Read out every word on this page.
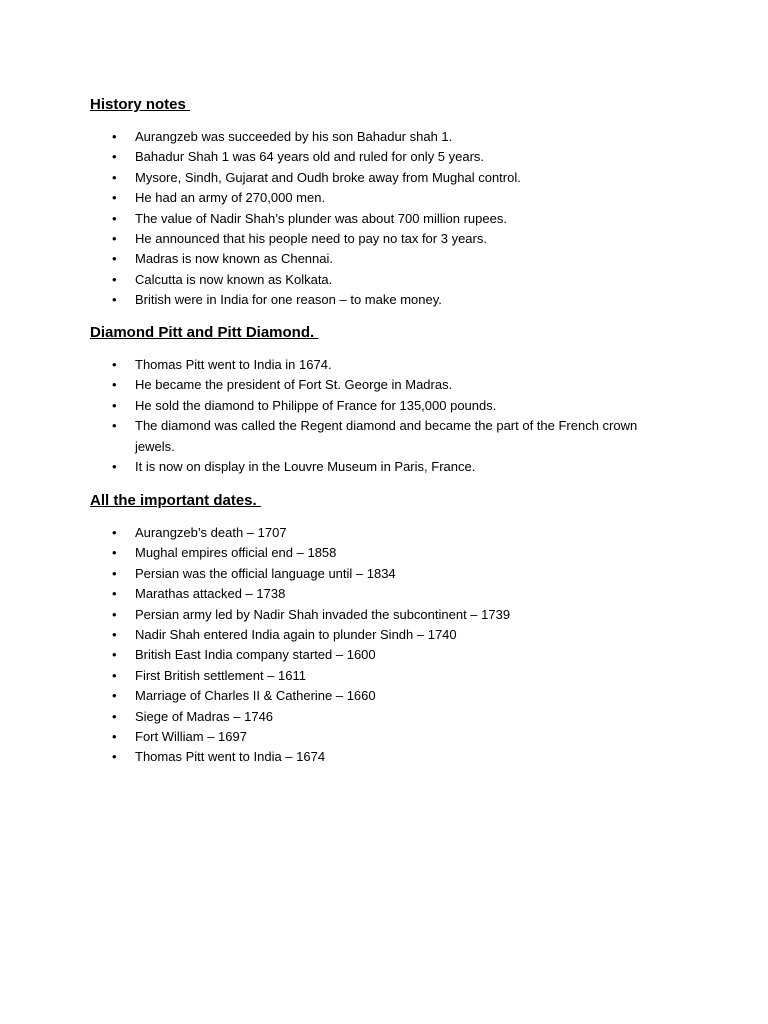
History notes
• Aurangzeb was succeeded by his son Bahadur shah 1.
• Bahadur Shah 1 was 64 years old and ruled for only 5 years.
• Mysore, Sindh, Gujarat and Oudh broke away from Mughal control.
• He had an army of 270,000 men.
• The value of Nadir Shah’s plunder was about 700 million rupees.
• He announced that his people need to pay no tax for 3 years.
• Madras is now known as Chennai.
• Calcutta is now known as Kolkata.
• British were in India for one reason – to make money.
Diamond Pitt and Pitt Diamond.
• Thomas Pitt went to India in 1674.
• He became the president of Fort St. George in Madras.
• He sold the diamond to Philippe of France for 135,000 pounds.
• The diamond was called the Regent diamond and became the part of the French crown jewels.
• It is now on display in the Louvre Museum in Paris, France.
All the important dates.
• Aurangzeb’s death – 1707
• Mughal empires official end – 1858
• Persian was the official language until – 1834
• Marathas attacked – 1738
• Persian army led by Nadir Shah invaded the subcontinent – 1739
• Nadir Shah entered India again to plunder Sindh – 1740
• British East India company started – 1600
• First British settlement – 1611
• Marriage of Charles II & Catherine – 1660
• Siege of Madras – 1746
• Fort William – 1697
• Thomas Pitt went to India – 1674
